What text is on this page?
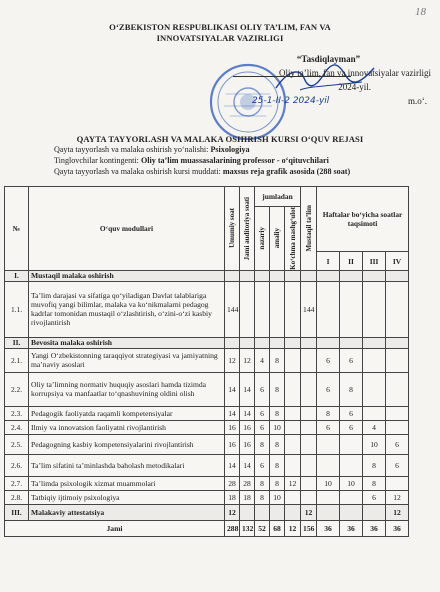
18
O‘ZBEKISTON RESPUBLIKASI OLIY TA’LIM, FAN VA
INNOVATSIYALAR VAZIRLIGI
“Tasdiqlayman”
Oliy ta’lim, fan va innovatsiyalar vazirligi
2024-yil.
m.o‘.
25-1-II-2 2024-yil
QAYTA TAYYORLASH VA MALAKA OSHIRISH KURSI O‘QUV REJASI
Qayta tayyorlash va malaka oshirish yo‘nalishi: Psixologiya
Tinglovchilar kontingenti: Oliy ta’lim muassasalarining professor - o‘qituvchilari
Qayta tayyorlash va malaka oshirish kursi muddati: maxsus reja grafik asosida (288 soat)
№	O‘quv modullari	Umumiy soat	Jami auditoriya soati	jumladan			Mustaqil ta’lim	Haftalar bo‘yicha soatlar taqsimoti			

				nazariy	amaliy	Ko‘chma mashg‘ulot					

								I	II	III	IV
I.	Mustaqil malaka oshirish										
1.1.	Ta’lim darajasi va sifatiga qo‘yiladigan Davlat talablariga muvofiq yangi bilimlar, malaka va ko‘nikmalarni pedagog kadrlar tomonidan mustaqil o‘zlashtirish, o‘zini-o‘zi kasbiy rivojlantirish	144					144				
II.	Bevosita malaka oshirish										
2.1.	Yangi O‘zbekistonning taraqqiyot strategiyasi va jamiyatning ma’naviy asoslari	12	12	4	8			6	6		
2.2.	Oliy ta’limning normativ huquqiy asoslari hamda tizimda korrupsiya va manfaatlar to‘qnashuvining oldini olish	14	14	6	8			6	8		
2.3.	Pedagogik faoliyatda raqamli kompetensiyalar	14	14	6	8			8	6		
2.4.	Ilmiy va innovatsion faoliyatni rivojlantirish	16	16	6	10			6	6	4	
2.5.	Pedagogning kasbiy kompetensiyalarini rivojlantirish	16	16	8	8					10	6
2.6.	Ta’lim sifatini ta’minlashda baholash metodikalari	14	14	6	8					8	6
2.7.	Ta’limda psixologik xizmat muammolari	28	28	8	8	12		10	10	8	
2.8.	Tatbiqiy ijtimoiy psixologiya	18	18	8	10					6	12
III.	Malakaviy attestatsiya	12					12				12
Jami		288	132	52	68	12	156	36	36	36	36
